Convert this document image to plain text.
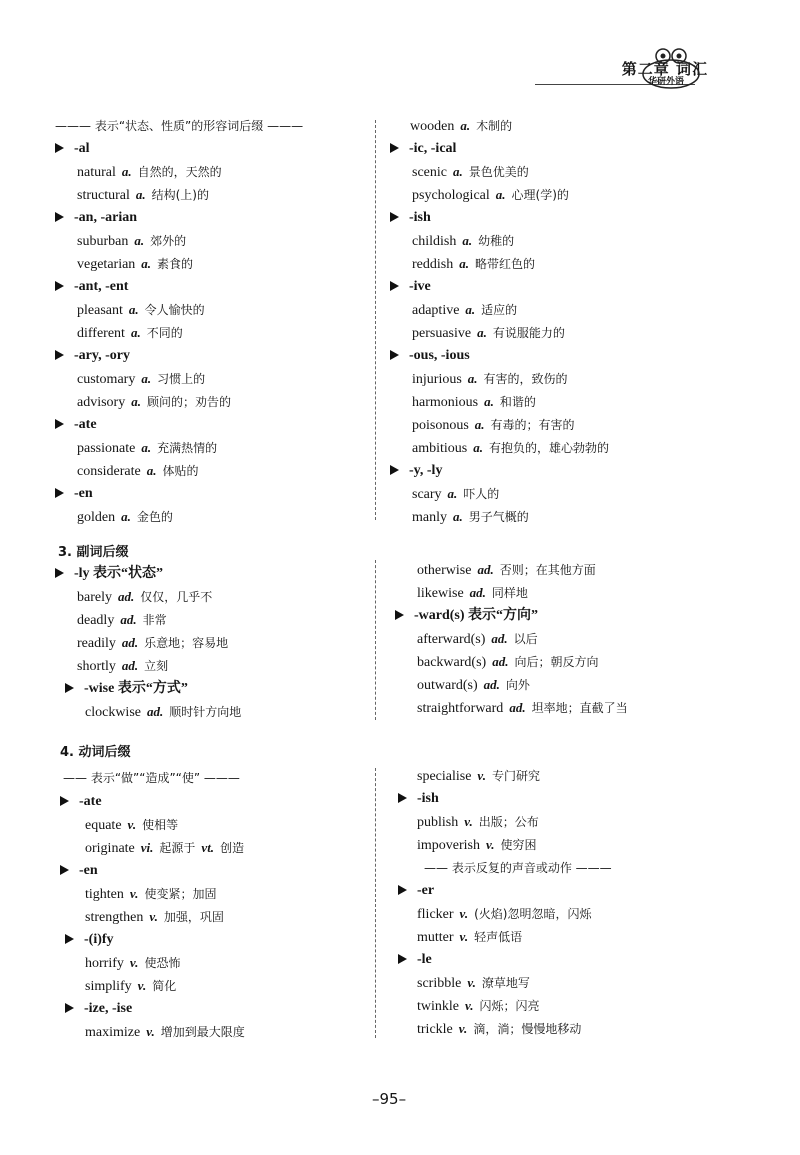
第二章 词汇
华研外语
——— 表示“状态、性质”的形容词后缀 ———
-al
natural a. 自然的，天然的
structural a. 结构(上)的
-an, -arian
suburban a. 郊外的
vegetarian a. 素食的
-ant, -ent
pleasant a. 令人愉快的
different a. 不同的
-ary, -ory
customary a. 习惯上的
advisory a. 顾问的；劝告的
-ate
passionate a. 充满热情的
considerate a. 体贴的
-en
golden a. 金色的
3. 副词后缀
-ly 表示“状态”
barely ad. 仅仅，几乎不
deadly ad. 非常
readily ad. 乐意地；容易地
shortly ad. 立刻
-wise 表示“方式”
clockwise ad. 顺时针方向地
4. 动词后缀
—— 表示“做”“造成”“使” ———
-ate
equate v. 使相等
originate vi. 起源于 vt. 创造
-en
tighten v. 使变紧；加固
strengthen v. 加强，巩固
-(i)fy
horrify v. 使恐怖
simplify v. 简化
-ize, -ise
maximize v. 增加到最大限度
wooden a. 木制的
-ic, -ical
scenic a. 景色优美的
psychological a. 心理(学)的
-ish
childish a. 幼稚的
reddish a. 略带红色的
-ive
adaptive a. 适应的
persuasive a. 有说服能力的
-ous, -ious
injurious a. 有害的，致伤的
harmonious a. 和谐的
poisonous a. 有毒的；有害的
ambitious a. 有抱负的，雄心勃勃的
-y, -ly
scary a. 吓人的
manly a. 男子气概的
otherwise ad. 否则；在其他方面
likewise ad. 同样地
-ward(s) 表示“方向”
afterward(s) ad. 以后
backward(s) ad. 向后；朝反方向
outward(s) ad. 向外
straightforward ad. 坦率地；直截了当
specialise v. 专门研究
-ish
publish v. 出版；公布
impoverish v. 使穷困
—— 表示反复的声音或动作 ———
-er
flicker v. (火焰)忽明忽暗，闪烁
mutter v. 轻声低语
-le
scribble v. 潦草地写
twinkle v. 闪烁；闪亮
trickle v. 滴，淌；慢慢地移动
–95–
